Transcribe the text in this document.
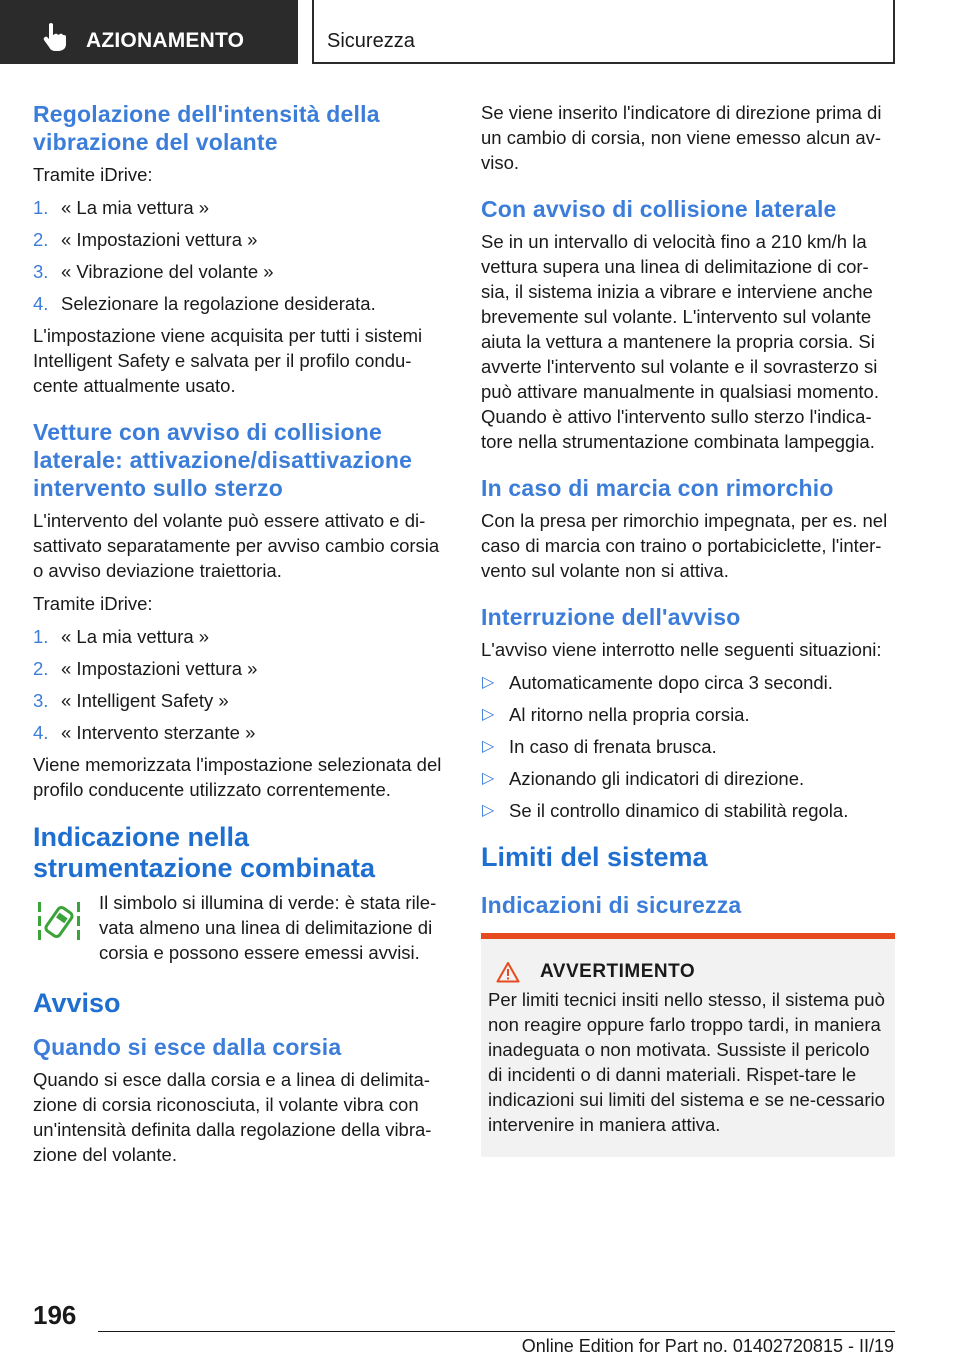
AZIONAMENTO	Sicurezza
Regolazione dell'intensità della vibrazione del volante
Tramite iDrive:
1. « La mia vettura »
2. « Impostazioni vettura »
3. « Vibrazione del volante »
4. Selezionare la regolazione desiderata.
L'impostazione viene acquisita per tutti i sistemi Intelligent Safety e salvata per il profilo condu-cente attualmente usato.
Vetture con avviso di collisione laterale: attivazione/disattivazione intervento sullo sterzo
L'intervento del volante può essere attivato e di-sattivato separatamente per avviso cambio corsia o avviso deviazione traiettoria.
Tramite iDrive:
1. « La mia vettura »
2. « Impostazioni vettura »
3. « Intelligent Safety »
4. « Intervento sterzante »
Viene memorizzata l'impostazione selezionata del profilo conducente utilizzato correntemente.
Indicazione nella strumentazione combinata
Il simbolo si illumina di verde: è stata rile-vata almeno una linea di delimitazione di corsia e possono essere emessi avvisi.
Avviso
Quando si esce dalla corsia
Quando si esce dalla corsia e a linea di delimita-zione di corsia riconosciuta, il volante vibra con un'intensità definita dalla regolazione della vibra-zione del volante.
Se viene inserito l'indicatore di direzione prima di un cambio di corsia, non viene emesso alcun av-viso.
Con avviso di collisione laterale
Se in un intervallo di velocità fino a 210 km/h la vettura supera una linea di delimitazione di cor-sia, il sistema inizia a vibrare e interviene anche brevemente sul volante. L'intervento sul volante aiuta la vettura a mantenere la propria corsia. Si avverte l'intervento sul volante e il sovrasterzo si può attivare manualmente in qualsiasi momento. Quando è attivo l'intervento sullo sterzo l'indica-tore nella strumentazione combinata lampeggia.
In caso di marcia con rimorchio
Con la presa per rimorchio impegnata, per es. nel caso di marcia con traino o portabiciclette, l'inter-vento sul volante non si attiva.
Interruzione dell'avviso
L'avviso viene interrotto nelle seguenti situazioni:
▷ Automaticamente dopo circa 3 secondi.
▷ Al ritorno nella propria corsia.
▷ In caso di frenata brusca.
▷ Azionando gli indicatori di direzione.
▷ Se il controllo dinamico di stabilità regola.
Limiti del sistema
Indicazioni di sicurezza
AVVERTIMENTO
Per limiti tecnici insiti nello stesso, il sistema può non reagire oppure farlo troppo tardi, in maniera inadeguata o non motivata. Sussiste il pericolo di incidenti o di danni materiali. Rispet-tare le indicazioni sui limiti del sistema e se ne-cessario intervenire in maniera attiva.
196
Online Edition for Part no. 01402720815 - II/19
